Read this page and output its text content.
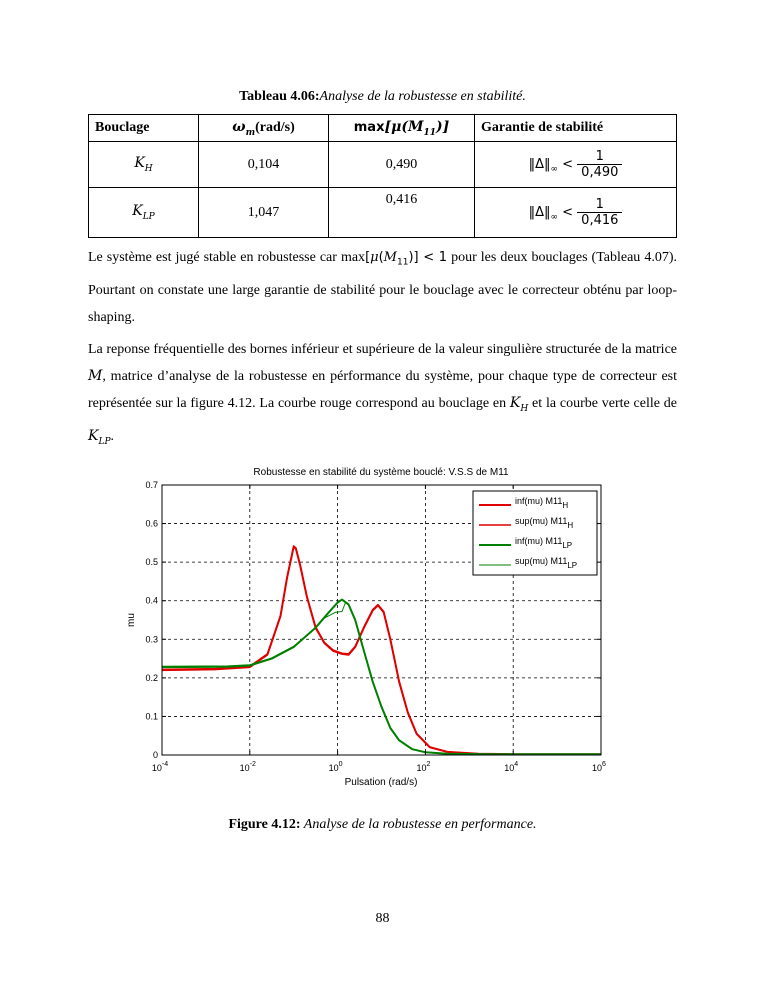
Tableau 4.06:Analyse de la robustesse en stabilité.
Bouclage	$\omega_m(rad/s)$	$\max[\mu(M_{11})]$	Garantie de stabilité
$K_H$	0,104	0,490	$‖\Delta‖_\infty < \frac{1}{0,490}$

$K_{LP}$	1,047	0,416	$‖\Delta‖_\infty < \frac{1}{0,416}$
Le système est jugé stable en robustesse car $\max[\mu(M_{11})] < 1$ pour les deux bouclages (Tableau 4.07). Pourtant on constate une large garantie de stabilité pour le bouclage avec le correcteur obténu par loop-shaping.
La reponse fréquentielle des bornes inférieur et supérieure de la valeur singulière structurée de la matrice M, matrice d’analyse de la robustesse en pérformance du système, pour chaque type de correcteur est représentée sur la figure 4.12. La courbe rouge correspond au bouclage en $K_H$ et la courbe verte celle de $K_{LP}$.
$10^{-4}$	$10^{-2}$	$10^0$	$10^2$	$10^4$	$10^6$
0
0.1
0.2
0.3
0.4
0.5
0.6
0.7
Robustesse en stabilité du système bouclé: V.S.S de M11
Pulsation (rad/s)
mu
inf(mu) M11H
sup(mu) M11H
inf(mu) M11LP
sup(mu) M11LP
Figure 4.12: Analyse de la robustesse en performance.
88
